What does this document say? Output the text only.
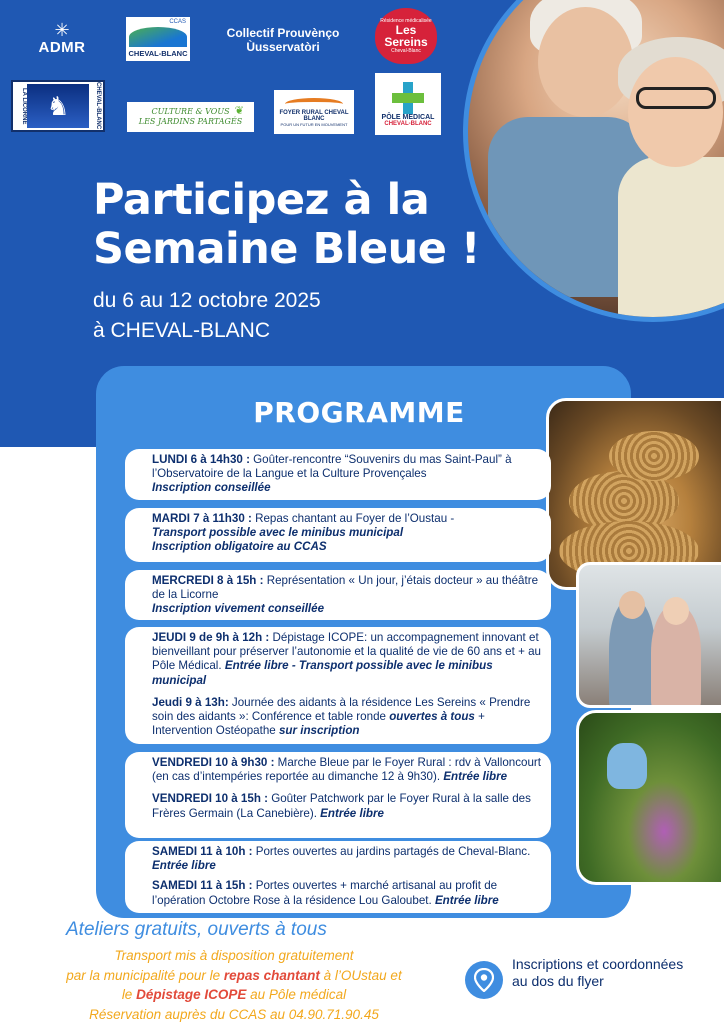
✳
ADMR
CCAS
CHEVAL-BLANC
Collectif Prouvènço
Ùusservatòri
Résidence médicalisée
Les
Sereins
Cheval-Blanc
LA LICORNE ♞	CHEVAL-BLANC	❦
CULTURE & VOUS
LES JARDINS PARTAGÉS
FOYER RURAL CHEVAL BLANC
POUR UN FUTUR EN MOUVEMENT
PÔLE MÉDICAL
CHEVAL-BLANC
Participez à la
Semaine Bleue !
du 6 au 12 octobre 2025
à CHEVAL-BLANC
PROGRAMME
LUNDI 6 à 14h30 : Goûter-rencontre “Souvenirs du mas Saint-Paul” à l’Observatoire de la Langue et la Culture Provençales
Inscription conseillée
MARDI 7 à 11h30 : Repas chantant au Foyer de l’Oustau -
Transport possible avec le minibus municipal
Inscription obligatoire au CCAS
MERCREDI 8 à 15h : Représentation « Un jour, j’étais docteur » au théâtre de la Licorne
Inscription vivement conseillée
JEUDI 9 de 9h à 12h : Dépistage ICOPE: un accompagnement innovant et bienveillant pour préserver l’autonomie et la qualité de vie de 60 ans et + au Pôle Médical. Entrée libre - Transport possible avec le minibus municipal
Jeudi 9 à 13h: Journée des aidants à la résidence Les Sereins « Prendre soin des aidants »: Conférence et table ronde ouvertes à tous + Intervention Ostéopathe sur inscription
VENDREDI 10 à 9h30 : Marche Bleue par le Foyer Rural : rdv à Valloncourt (en cas d’intempéries reportée au dimanche 12 à 9h30). Entrée libre
VENDREDI 10 à 15h : Goûter Patchwork par le Foyer Rural à la salle des Frères Germain (La Canebière). Entrée libre
SAMEDI 11 à 10h : Portes ouvertes au jardins partagés de Cheval-Blanc. Entrée libre
SAMEDI 11 à 15h : Portes ouvertes + marché artisanal au profit de l’opération Octobre Rose à la résidence Lou Galoubet. Entrée libre
Ateliers gratuits, ouverts à tous
Transport mis à disposition gratuitement
par la municipalité pour le repas chantant à l’OUstau et
le Dépistage ICOPE au Pôle médical
Réservation auprès du CCAS au 04.90.71.90.45
Inscriptions et coordonnées au dos du flyer
